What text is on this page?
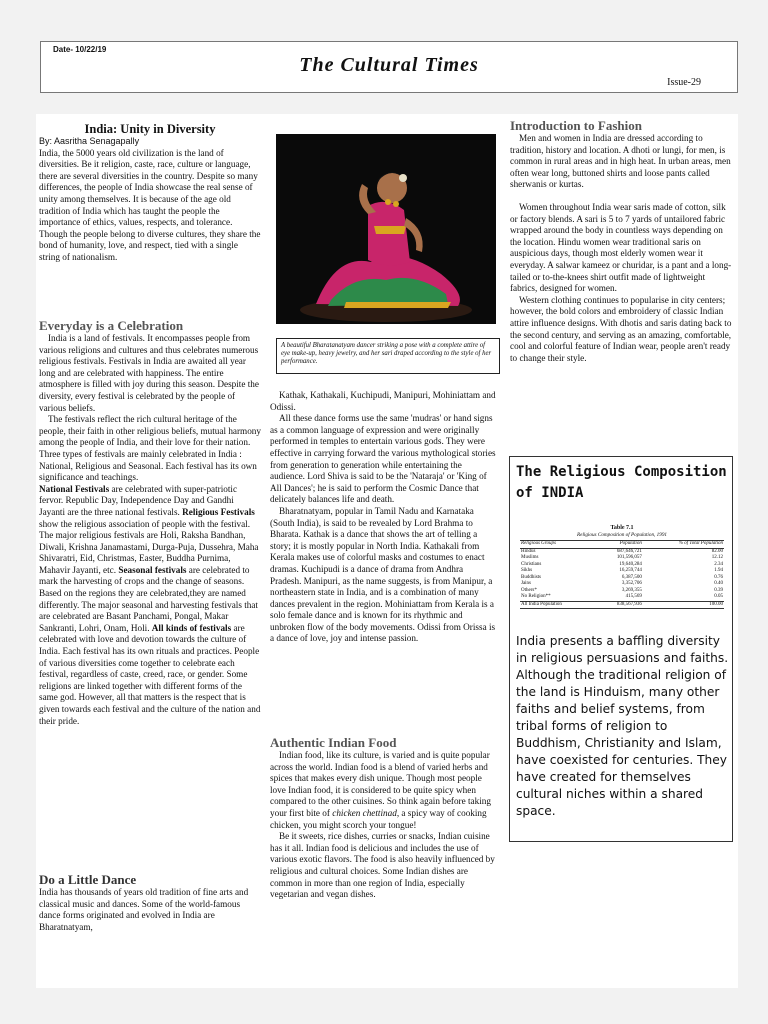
Date- 10/22/19
The Cultural Times
Issue-29
India: Unity in Diversity
By: Aasritha Senagapally

India, the 5000 years old civilization is the land of diversities. Be it religion, caste, race, culture or language, there are several diversities in the country. Despite so many differences, the people of India showcase the real sense of unity among themselves. It is because of the age old tradition of India which has taught the people the importance of ethics, values, respects, and tolerance. Though the people belong to diverse cultures, they share the bond of humanity, love, and respect, tied with a single string of nationalism.

Everyday is a Celebration

India is a land of festivals. It encompasses people from various religions and cultures and thus celebrates numerous religious festivals. Festivals in India are awaited all year long and are celebrated with happiness. The entire atmosphere is filled with joy during this season. Despite the diversity, every festival is celebrated by the people of various beliefs.

The festivals reflect the rich cultural heritage of the people, their faith in other religious beliefs, mutual harmony among the people of India, and their love for their nation. Three types of festivals are mainly celebrated in India : National, Religious and Seasonal. Each festival has its own significance and teachings.

National Festivals are celebrated with super-patriotic fervor. Republic Day, Independence Day and Gandhi Jayanti are the three national festivals. Religious Festivals show the religious association of people with the festival. The major religious festivals are Holi, Raksha Bandhan, Diwali, Krishna Janamastami, Durga-Puja, Dussehra, Maha Shivaratri, Eid, Christmas, Easter, Buddha Purnima, Mahavir Jayanti, etc. Seasonal festivals are celebrated to mark the harvesting of crops and the change of seasons. Based on the regions they are celebrated,they are named differently. The major seasonal and harvesting festivals that are celebrated are Basant Panchami, Pongal, Makar Sankranti, Lohri, Onam, Holi. All kinds of festivals are celebrated with love and devotion towards the culture of India. Each festival has its own rituals and practices. People of various diversities come together to celebrate each festival, regardless of caste, creed, race, or gender. Some religions are linked together with different forms of the same god. However, all that matters is the respect that is given towards each festival and the culture of the nation and their pride.

Do a Little Dance

India has thousands of years old tradition of fine arts and classical music and dances. Some of the world-famous dance forms originated and evolved in India are Bharatnatyam,

A beautiful Bharatanatyam dancer striking a pose with a complete attire of eye make-up, heavy jewelry, and her sari draped according to the style of her performance.

Kathak, Kathakali, Kuchipudi, Manipuri, Mohiniattam and Odissi.

All these dance forms use the same 'mudras' or hand signs as a common language of expression and were originally performed in temples to entertain various gods. They were effective in carrying forward the various mythological stories from generation to generation while entertaining the audience. Lord Shiva is said to be the 'Nataraja' or 'King of All Dances'; he is said to perform the Cosmic Dance that delicately balances life and death.

Bharatnatyam, popular in Tamil Nadu and Karnataka (South India), is said to be revealed by Lord Brahma to Bharata. Kathak is a dance that shows the art of telling a story; it is mostly popular in North India. Kathakali from Kerala makes use of colorful masks and costumes to enact dramas. Kuchipudi is a dance of drama from Andhra Pradesh. Manipuri, as the name suggests, is from Manipur, a northeastern state in India, and is a combination of many dances prevalent in the region. Mohiniattam from Kerala is a solo female dance and is known for its rhythmic and unbroken flow of the body movements. Odissi from Orissa is a dance of love, joy and intense passion.

Authentic Indian Food

Indian food, like its culture, is varied and is quite popular across the world. Indian food is a blend of varied herbs and spices that makes every dish unique. Though most people love Indian food, it is considered to be quite spicy when compared to the other cuisines. So think again before taking your first bite of chicken chettinad, a spicy way of cooking chicken, you might scorch your tongue!

Be it sweets, rice dishes, curries or snacks, Indian cuisine has it all. Indian food is delicious and includes the use of various exotic flavors. The food is also heavily influenced by religious and cultural choices. Some Indian dishes are common in more than one region of India, especially vegetarian and vegan dishes.

Introduction to Fashion

Men and women in India are dressed according to tradition, history and location. A dhoti or lungi, for men, is common in rural areas and in high heat. In urban areas, men often wear long, buttoned shirts and loose pants called sherwanis or kurtas.

Women throughout India wear saris made of cotton, silk or factory blends. A sari is 5 to 7 yards of untailored fabric wrapped around the body in countless ways depending on the location. Hindu women wear traditional saris on auspicious days, though most elderly women wear it everyday. A salwar kameez or churidar, is a pant and a long-tailed or to-the-knees shirt outfit made of lightweight fabrics, designed for women.

Western clothing continues to popularise in city centers; however, the bold colors and embroidery of classic Indian attire influence designs. With dhotis and saris dating back to the second century, and serving as an amazing, comfortable, cool and colorful feature of Indian wear, people aren't ready to change their style.

The Religious Composition of INDIA
Table 7.1
Religious Composition of Population, 1991
Religious Groups	Population	% of Total Population
Hindus	687,646,721	82.00
Muslims	101,596,057	12.12
Christians	19,640,284	2.34
Sikhs	16,259,744	1.94
Buddhists	6,387,500	0.76
Jains	3,352,706	0.40
Others*	3,269,355	0.39
No Religion**	415,569	0.05
All India Population	838,567,936	100.00
India presents a baffling diversity in religious persuasions and faiths. Although the traditional religion of the land is Hinduism, many other faiths and belief systems, from tribal forms of religion to Buddhism, Christianity and Islam, have coexisted for centuries. They have created for themselves cultural niches within a shared space.
